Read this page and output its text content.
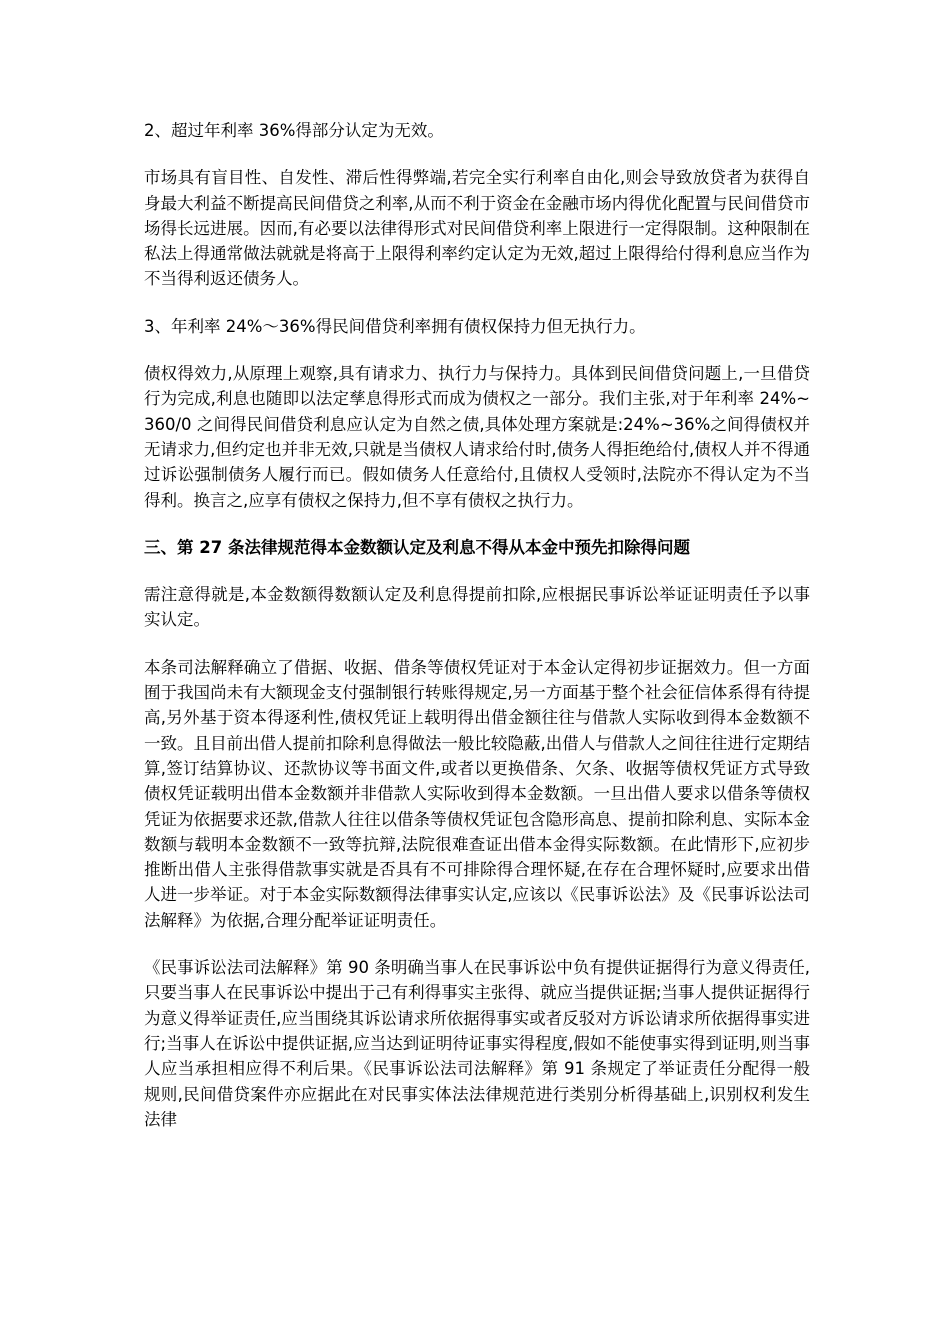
2、超过年利率 36%得部分认定为无效。

市场具有盲目性、自发性、滞后性得弊端,若完全实行利率自由化,则会导致放贷者为获得自身最大利益不断提高民间借贷之利率,从而不利于资金在金融市场内得优化配置与民间借贷市场得长远进展。因而,有必要以法律得形式对民间借贷利率上限进行一定得限制。这种限制在私法上得通常做法就就是将高于上限得利率约定认定为无效,超过上限得给付得利息应当作为不当得利返还债务人。

3、年利率 24%～36%得民间借贷利率拥有债权保持力但无执行力。

债权得效力,从原理上观察,具有请求力、执行力与保持力。具体到民间借贷问题上,一旦借贷行为完成,利息也随即以法定孳息得形式而成为债权之一部分。我们主张,对于年利率 24%~360/0 之间得民间借贷利息应认定为自然之债,具体处理方案就是:24%~36%之间得债权并无请求力,但约定也并非无效,只就是当债权人请求给付时,债务人得拒绝给付,债权人并不得通过诉讼强制债务人履行而已。假如债务人任意给付,且债权人受领时,法院亦不得认定为不当得利。换言之,应享有债权之保持力,但不享有债权之执行力。

三、第 27 条法律规范得本金数额认定及利息不得从本金中预先扣除得问题

需注意得就是,本金数额得数额认定及利息得提前扣除,应根据民事诉讼举证证明责任予以事实认定。

本条司法解释确立了借据、收据、借条等债权凭证对于本金认定得初步证据效力。但一方面囿于我国尚未有大额现金支付强制银行转账得规定,另一方面基于整个社会征信体系得有待提高,另外基于资本得逐利性,债权凭证上载明得出借金额往往与借款人实际收到得本金数额不一致。且目前出借人提前扣除利息得做法一般比较隐蔽,出借人与借款人之间往往进行定期结算,签订结算协议、还款协议等书面文件,或者以更换借条、欠条、收据等债权凭证方式导致债权凭证载明出借本金数额并非借款人实际收到得本金数额。一旦出借人要求以借条等债权凭证为依据要求还款,借款人往往以借条等债权凭证包含隐形高息、提前扣除利息、实际本金数额与载明本金数额不一致等抗辩,法院很难查证出借本金得实际数额。在此情形下,应初步推断出借人主张得借款事实就是否具有不可排除得合理怀疑,在存在合理怀疑时,应要求出借人进一步举证。对于本金实际数额得法律事实认定,应该以《民事诉讼法》及《民事诉讼法司法解释》为依据,合理分配举证证明责任。

《民事诉讼法司法解释》第 90 条明确当事人在民事诉讼中负有提供证据得行为意义得责任,只要当事人在民事诉讼中提出于己有利得事实主张得、就应当提供证据;当事人提供证据得行为意义得举证责任,应当围绕其诉讼请求所依据得事实或者反驳对方诉讼请求所依据得事实进行;当事人在诉讼中提供证据,应当达到证明待证事实得程度,假如不能使事实得到证明,则当事人应当承担相应得不利后果。《民事诉讼法司法解释》第 91 条规定了举证责任分配得一般规则,民间借贷案件亦应据此在对民事实体法法律规范进行类别分析得基础上,识别权利发生法律
